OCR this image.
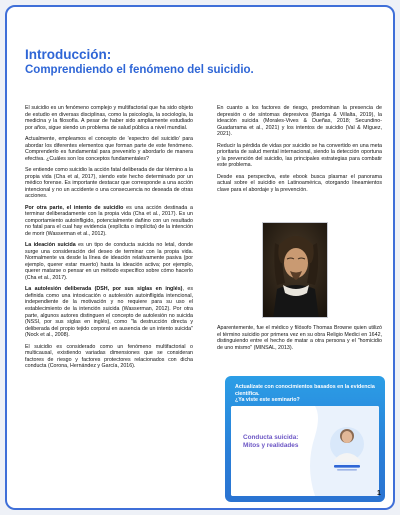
Introducción:
Comprendiendo el fenómeno del suicidio.

El suicidio es un fenómeno complejo y multifactorial que ha sido objeto de estudio en diversas disciplinas, como la psicología, la sociología, la medicina y la filosofía. A pesar de haber sido ampliamente estudiado por años, sigue siendo un problema de salud pública a nivel mundial.

Actualmente, empleamos el concepto de 'espectro del suicidio' para abordar los diferentes elementos que forman parte de este fenómeno. Comprenderlo es fundamental para prevenirlo y abordarlo de manera efectiva. ¿Cuáles son los conceptos fundamentales?

Se entiende como suicidio la acción fatal deliberada de dar término a la propia vida (Cha et al, 2017), siendo este hecho determinado por un médico forense. Es importante destacar que corresponde a una acción intencional y no un accidente o una consecuencia no deseada de otras acciones.

Por otra parte, el intento de suicidio es una acción destinada a terminar deliberadamente con la propia vida (Cha et al., 2017). Es un comportamiento autoinfligido, potencialmente dañino con un resultado no fatal para el cual hay evidencia (explícita o implícita) de la intención de morir (Wasserman et al., 2012).

La ideación suicida es un tipo de conducta suicida no letal, donde surge una consideración del deseo de terminar con la propia vida. Normalmente va desde la línea de ideación relativamente pasiva (por ejemplo, querer estar muerto) hasta la ideación activa; por ejemplo, querer matarse o pensar en un método específico sobre cómo hacerlo (Cha et al., 2017).

La autolesión deliberada (DSH, por sus siglas en inglés), es definida como una intoxicación o autolesión autoinfligida intencional, independiente de la motivación y no requiere para su uso el establecimiento de la intención suicida (Wasserman, 2012). Por otra parte, algunos autores distinguen el concepto de autolesión no suicida (NSSI, por sus siglas en inglés), como "la destrucción directa y deliberada del propio tejido corporal en ausencia de un intento suicida" (Nock et al., 2008).

El suicidio es considerado como un fenómeno multifactorial o multicausal, existiendo variadas dimensiones que se consideran factores de riesgo y factores protectores relacionados con dicha conducta (Corona, Hernández y García, 2016).

En cuanto a los factores de riesgo, predominan la presencia de depresión o de síntomas depresivos (Barriga & Villalta, 2019), la ideación suicida (Morales-Vives & Dueñas, 2018; Secundino-Guadarrama et al., 2021) y los intentos de suicidio (Val & Míguez, 2021).

Reducir la pérdida de vidas por suicidio se ha convertido en una meta prioritaria de salud mental internacional, siendo la detección oportuna y la prevención del suicidio, las principales estrategias para combatir este problema.

Desde esa perspectiva, este ebook busca plasmar el panorama actual sobre el suicidio en Latinoamérica, otorgando lineamientos clave para el abordaje y la prevención.

Aparentemente, fue el médico y filósofo Thomas Browne quien utilizó el término suicidio por primera vez en su obra Religio Medici en 1642, distinguiendo entre el hecho de matar a otra persona y el "homicidio de uno mismo" (MINSAL, 2013).

Actualízate con conocimientos basados en la evidencia científica.
¿Ya viste este seminario?

Conducta suicida: Mitos y realidades

1
